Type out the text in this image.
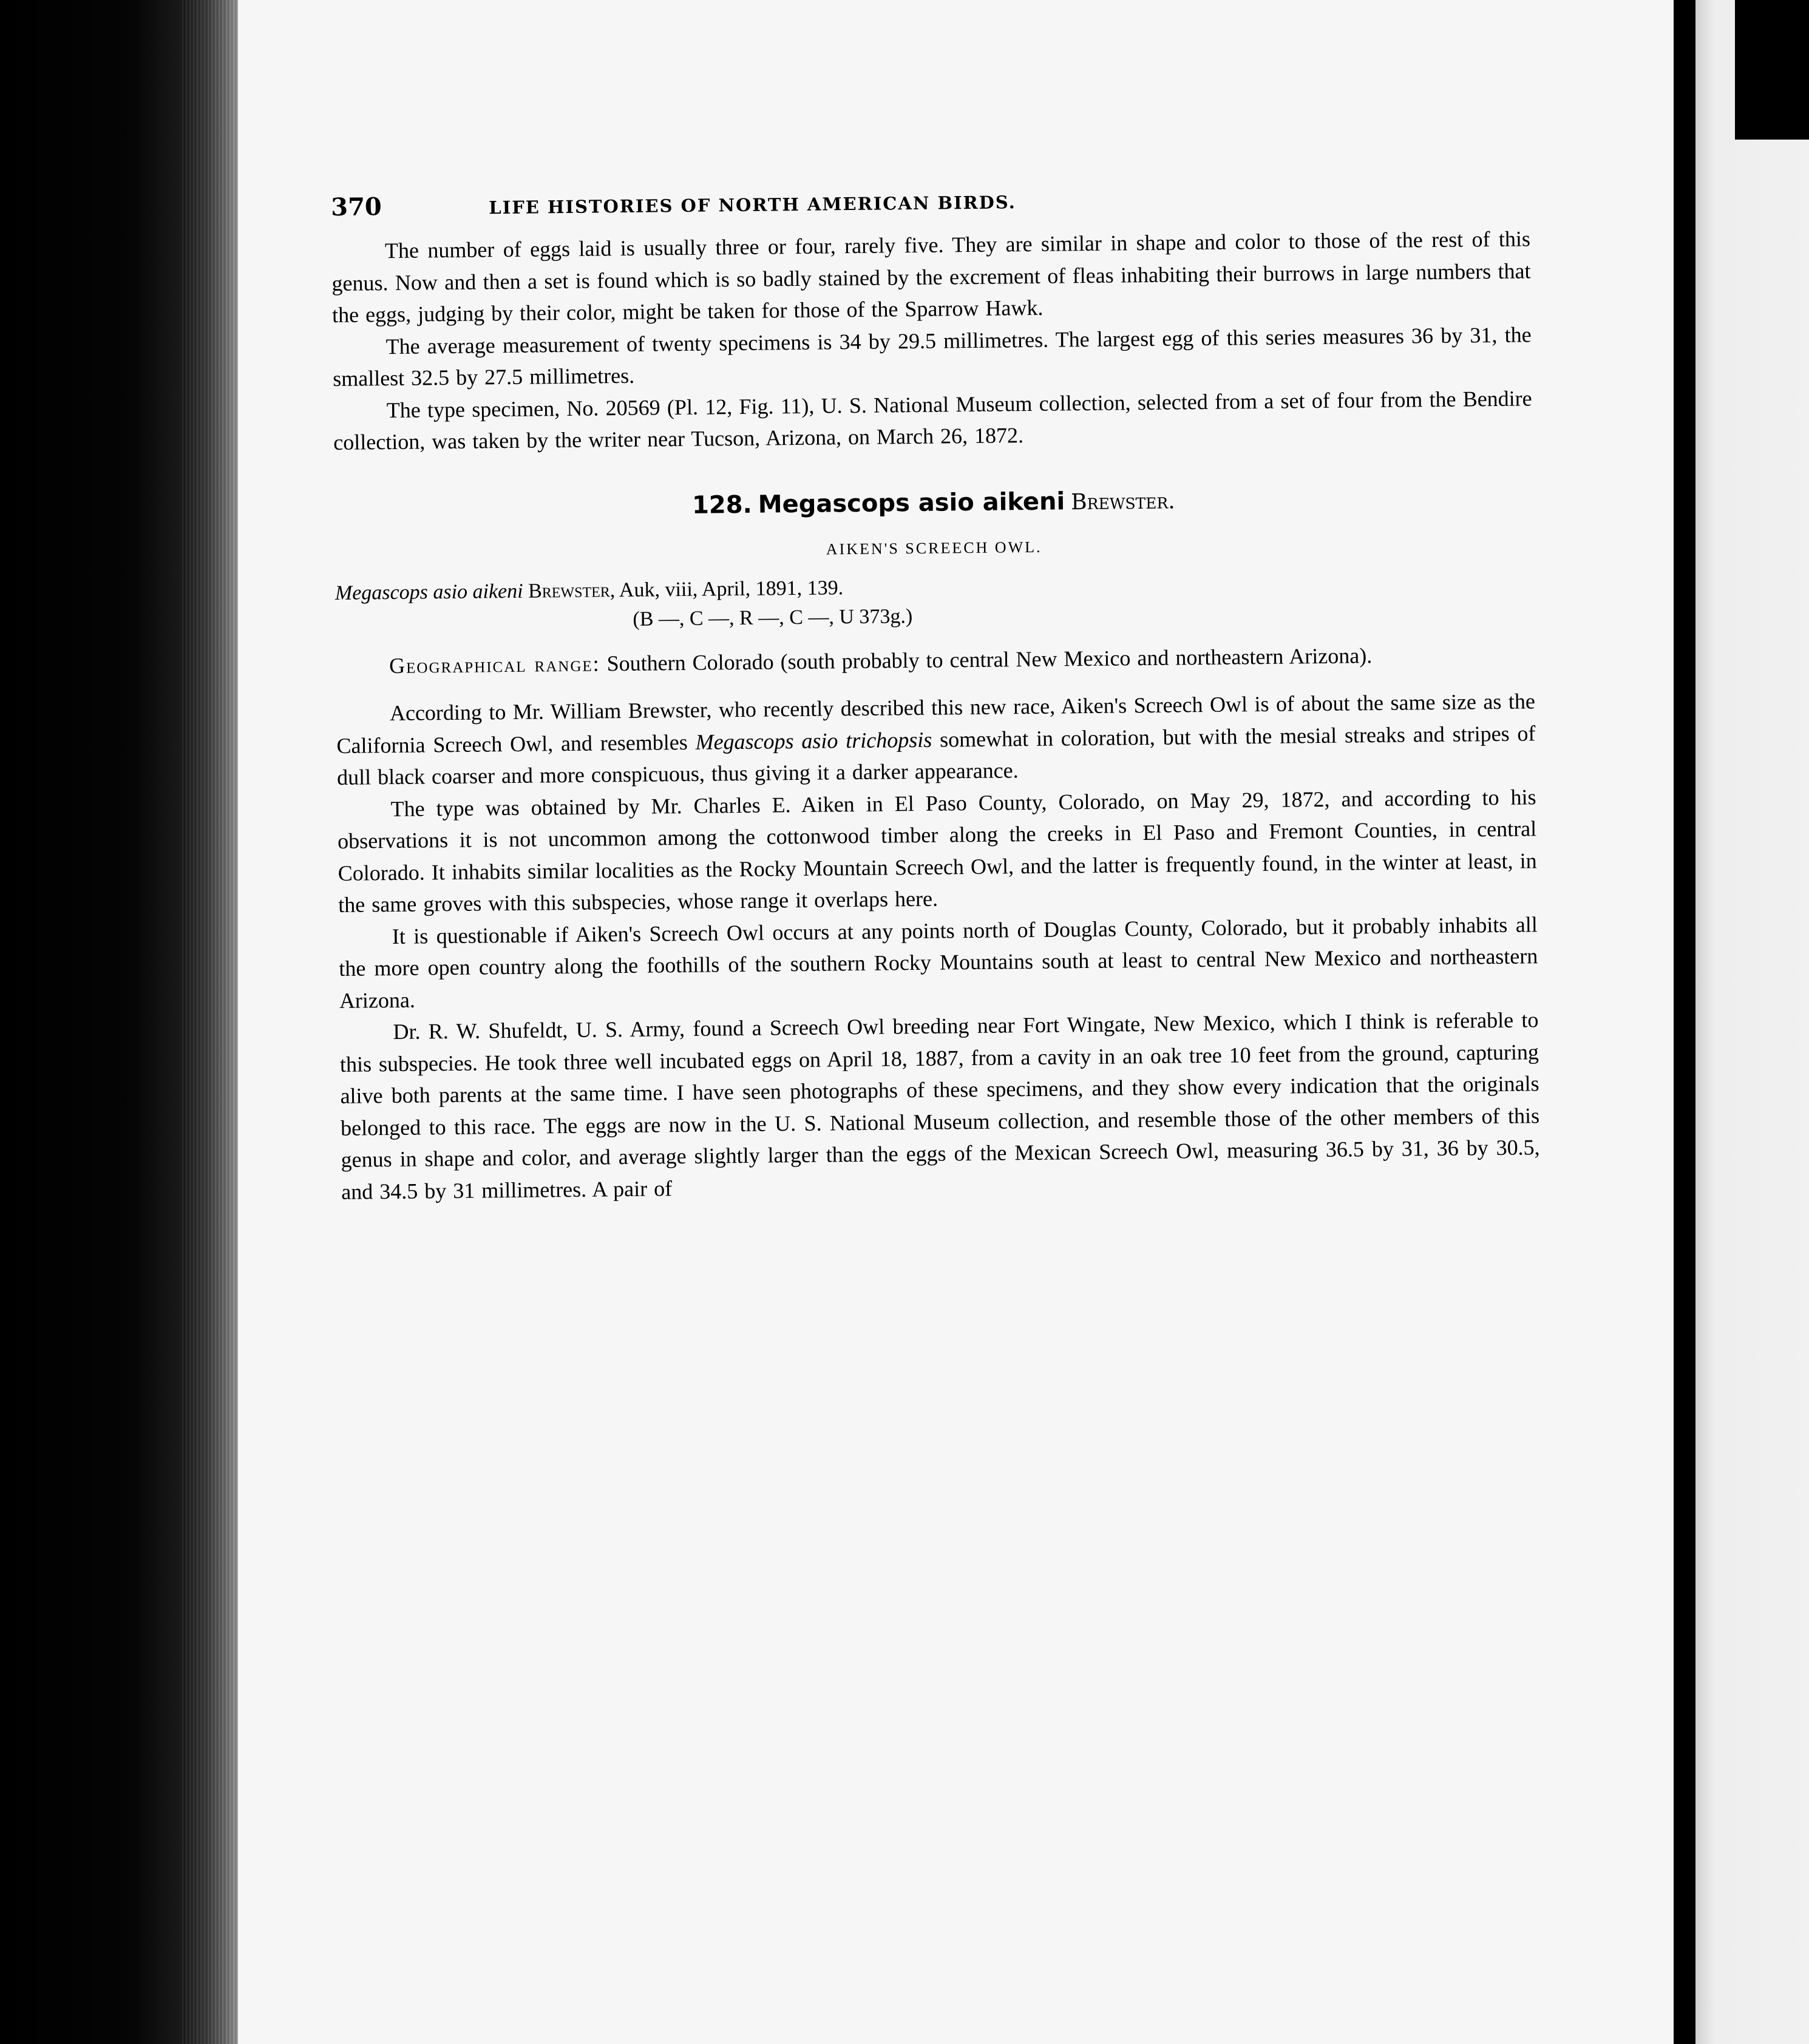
370	LIFE HISTORIES OF NORTH AMERICAN BIRDS.

The number of eggs laid is usually three or four, rarely five. They are similar in shape and color to those of the rest of this genus. Now and then a set is found which is so badly stained by the excrement of fleas inhabiting their burrows in large numbers that the eggs, judging by their color, might be taken for those of the Sparrow Hawk.

The average measurement of twenty specimens is 34 by 29.5 millimetres. The largest egg of this series measures 36 by 31, the smallest 32.5 by 27.5 millimetres.

The type specimen, No. 20569 (Pl. 12, Fig. 11), U. S. National Museum collection, selected from a set of four from the Bendire collection, was taken by the writer near Tucson, Arizona, on March 26, 1872.

128. Megascops asio aikeni Brewster.
AIKEN'S SCREECH OWL.
Megascops asio aikeni Brewster, Auk, viii, April, 1891, 139.
(B —, C —, R —, C —, U 373g.)

Geographical range: Southern Colorado (south probably to central New Mexico and northeastern Arizona).

According to Mr. William Brewster, who recently described this new race, Aiken's Screech Owl is of about the same size as the California Screech Owl, and resembles Megascops asio trichopsis somewhat in coloration, but with the mesial streaks and stripes of dull black coarser and more conspicuous, thus giving it a darker appearance.

The type was obtained by Mr. Charles E. Aiken in El Paso County, Colorado, on May 29, 1872, and according to his observations it is not uncommon among the cottonwood timber along the creeks in El Paso and Fremont Counties, in central Colorado. It inhabits similar localities as the Rocky Mountain Screech Owl, and the latter is frequently found, in the winter at least, in the same groves with this subspecies, whose range it overlaps here.

It is questionable if Aiken's Screech Owl occurs at any points north of Douglas County, Colorado, but it probably inhabits all the more open country along the foothills of the southern Rocky Mountains south at least to central New Mexico and northeastern Arizona.

Dr. R. W. Shufeldt, U. S. Army, found a Screech Owl breeding near Fort Wingate, New Mexico, which I think is referable to this subspecies. He took three well incubated eggs on April 18, 1887, from a cavity in an oak tree 10 feet from the ground, capturing alive both parents at the same time. I have seen photographs of these specimens, and they show every indication that the originals belonged to this race. The eggs are now in the U. S. National Museum collection, and resemble those of the other members of this genus in shape and color, and average slightly larger than the eggs of the Mexican Screech Owl, measuring 36.5 by 31, 36 by 30.5, and 34.5 by 31 millimetres. A pair of
